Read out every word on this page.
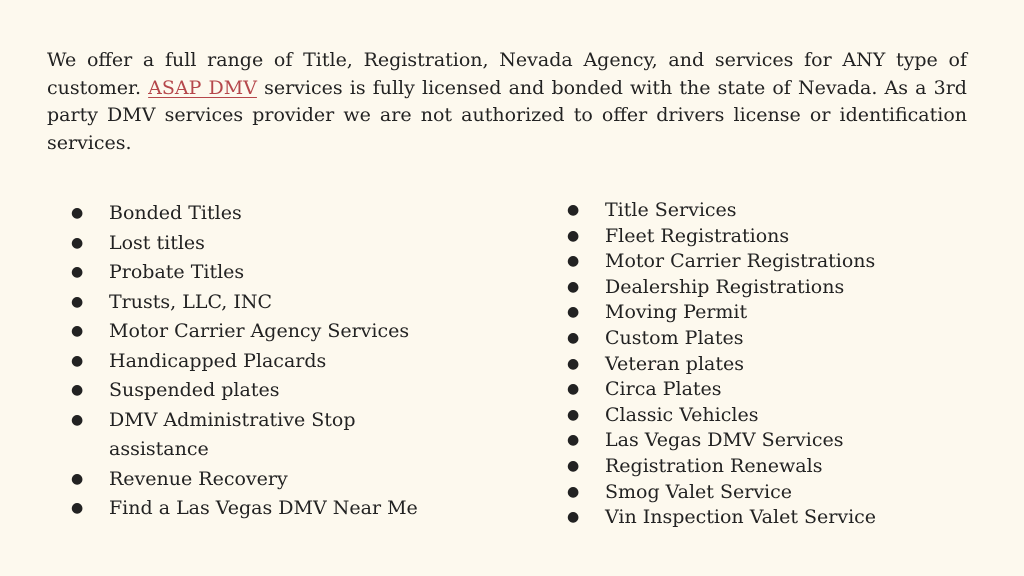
We offer a full range of Title, Registration, Nevada Agency, and services for ANY type of customer. ASAP DMV services is fully licensed and bonded with the state of Nevada. As a 3rd party DMV services provider we are not authorized to offer drivers license or identification services.

● Bonded Titles
● Lost titles
● Probate Titles
● Trusts, LLC, INC
● Motor Carrier Agency Services
● Handicapped Placards
● Suspended plates
● DMV Administrative Stop assistance
● Revenue Recovery
● Find a Las Vegas DMV Near Me
● Title Services
● Fleet Registrations
● Motor Carrier Registrations
● Dealership Registrations
● Moving Permit
● Custom Plates
● Veteran plates
● Circa Plates
● Classic Vehicles
● Las Vegas DMV Services
● Registration Renewals
● Smog Valet Service
● Vin Inspection Valet Service
